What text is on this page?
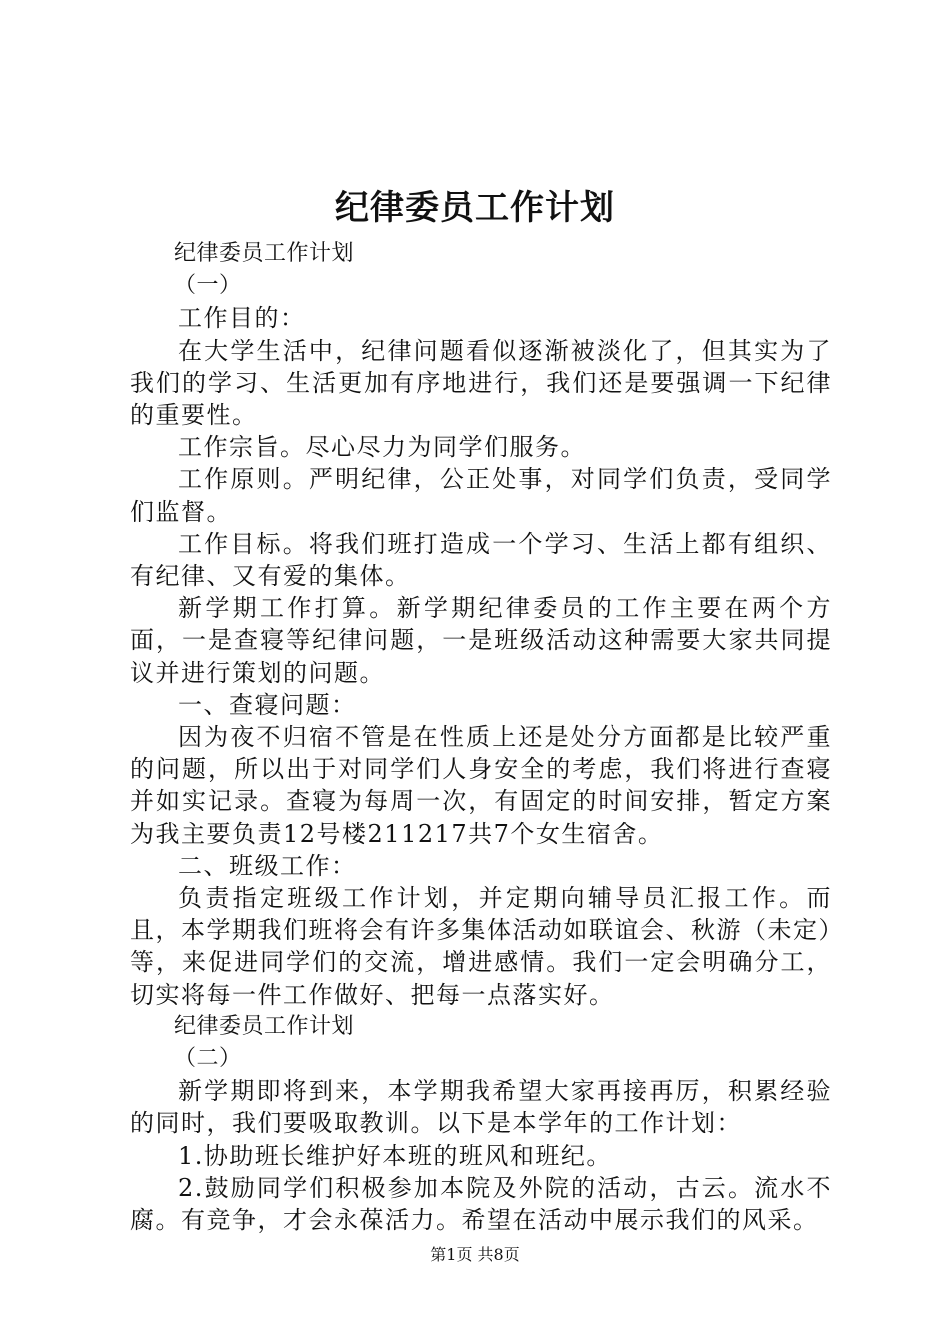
纪律委员工作计划

纪律委员工作计划

（一）

工作目的：

在大学生活中，纪律问题看似逐渐被淡化了，但其实为了我们的学习、生活更加有序地进行，我们还是要强调一下纪律的重要性。

工作宗旨。尽心尽力为同学们服务。

工作原则。严明纪律，公正处事，对同学们负责，受同学们监督。

工作目标。将我们班打造成一个学习、生活上都有组织、有纪律、又有爱的集体。

新学期工作打算。新学期纪律委员的工作主要在两个方面，一是查寝等纪律问题，一是班级活动这种需要大家共同提议并进行策划的问题。

一、查寝问题：

因为夜不归宿不管是在性质上还是处分方面都是比较严重的问题，所以出于对同学们人身安全的考虑，我们将进行查寝并如实记录。查寝为每周一次，有固定的时间安排，暂定方案为我主要负责12号楼211217共7个女生宿舍。

二、班级工作：

负责指定班级工作计划，并定期向辅导员汇报工作。而且，本学期我们班将会有许多集体活动如联谊会、秋游（未定）等，来促进同学们的交流，增进感情。我们一定会明确分工，切实将每一件工作做好、把每一点落实好。

纪律委员工作计划

（二）

新学期即将到来，本学期我希望大家再接再厉，积累经验的同时，我们要吸取教训。以下是本学年的工作计划：

1.协助班长维护好本班的班风和班纪。

2.鼓励同学们积极参加本院及外院的活动，古云。流水不腐。有竞争，才会永葆活力。希望在活动中展示我们的风采。

第1页 共8页
